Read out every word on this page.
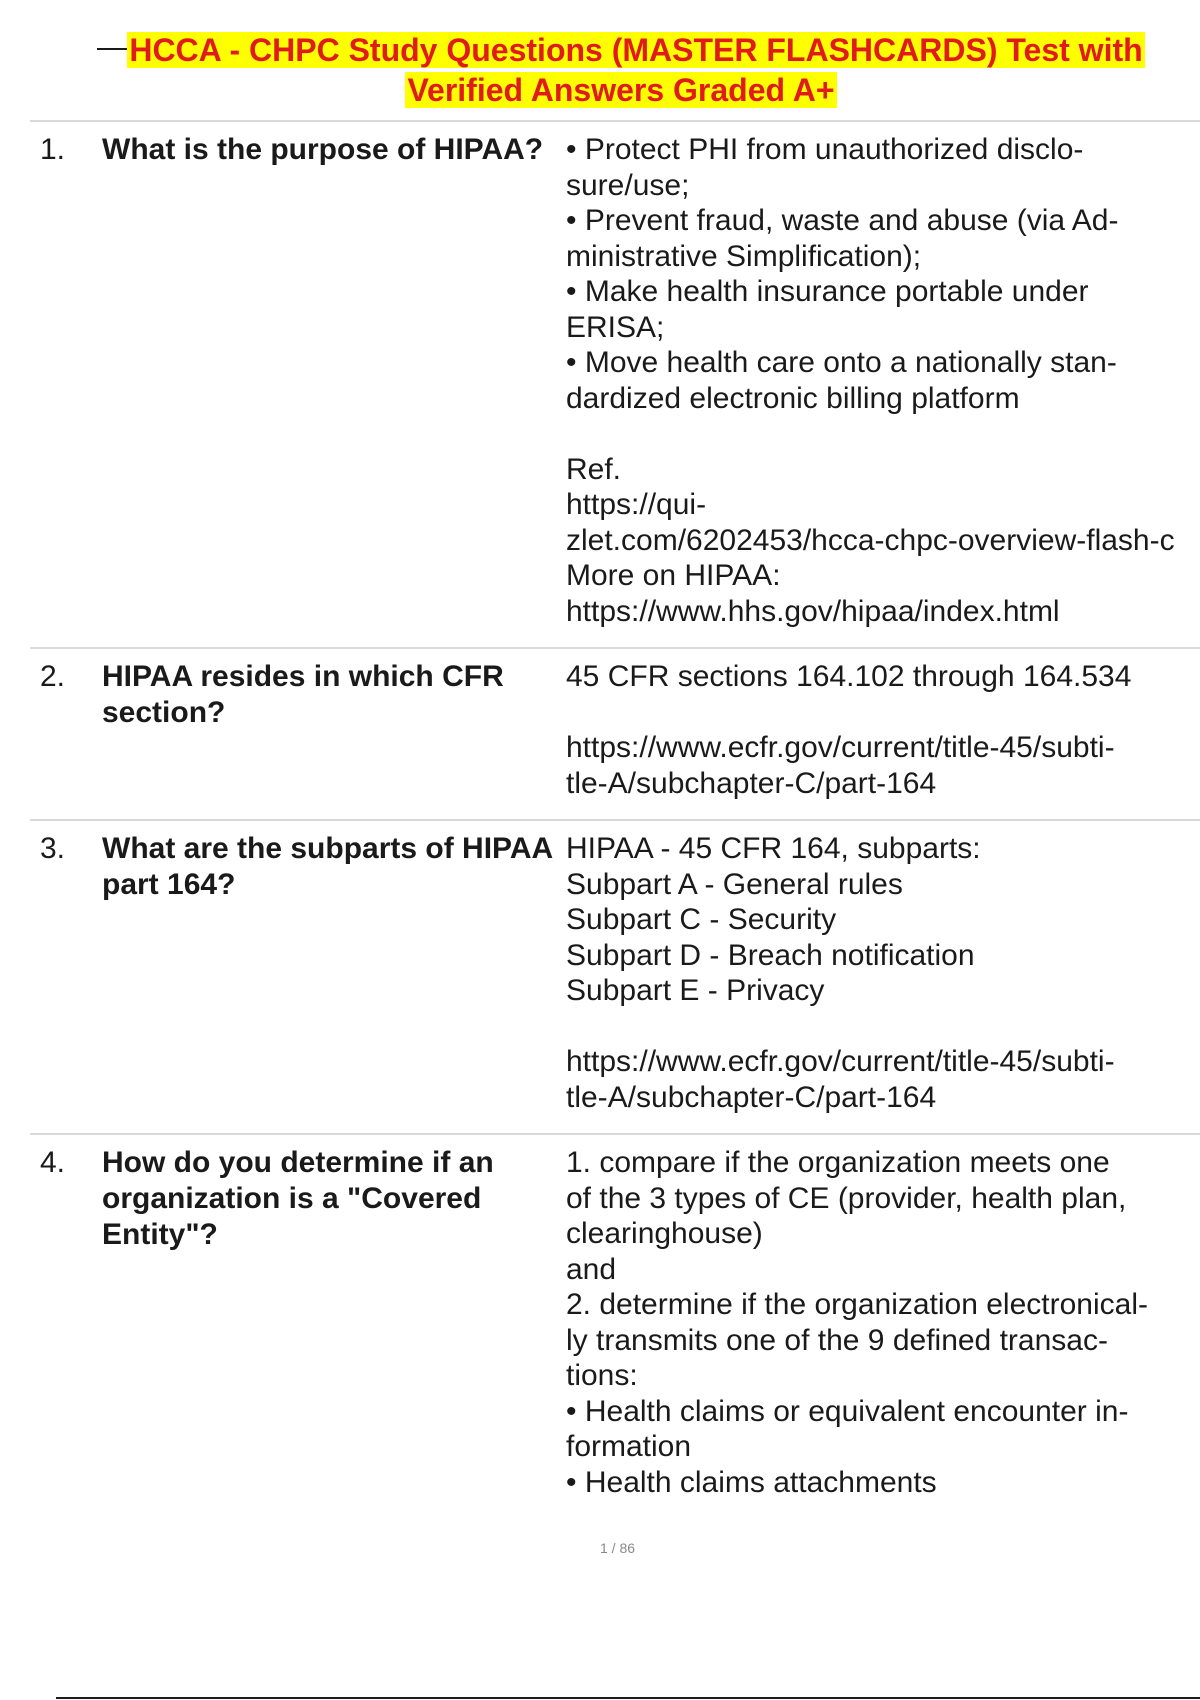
HCCA - CHPC Study Questions (MASTER FLASHCARDS) Test with
Verified Answers Graded A+
1.	What is the purpose of HIPAA? • Protect PHI from unauthorized disclo-
sure/use;
• Prevent fraud, waste and abuse (via Ad-
ministrative Simplification);
• Make health insurance portable under
ERISA;
• Move health care onto a nationally stan-
dardized electronic billing platform

Ref.
https://qui-
zlet.com/6202453/hcca-chpc-overview-flash-c
More on HIPAA:
https://www.hhs.gov/hipaa/index.html
2.	HIPAA resides in which CFR section?
45 CFR sections 164.102 through 164.534

https://www.ecfr.gov/current/title-45/subti-
tle-A/subchapter-C/part-164
3.	What are the subparts of HIPAA part 164?
HIPAA - 45 CFR 164, subparts:
Subpart A - General rules
Subpart C - Security
Subpart D - Breach notification
Subpart E - Privacy

https://www.ecfr.gov/current/title-45/subti-
tle-A/subchapter-C/part-164
4.	How do you determine if an organization is a "Covered Entity"?
1. compare if the organization meets one
of the 3 types of CE (provider, health plan,
clearinghouse)
and
2. determine if the organization electronical-
ly transmits one of the 9 defined transac-
tions:
• Health claims or equivalent encounter in-
formation
• Health claims attachments
1 / 86
